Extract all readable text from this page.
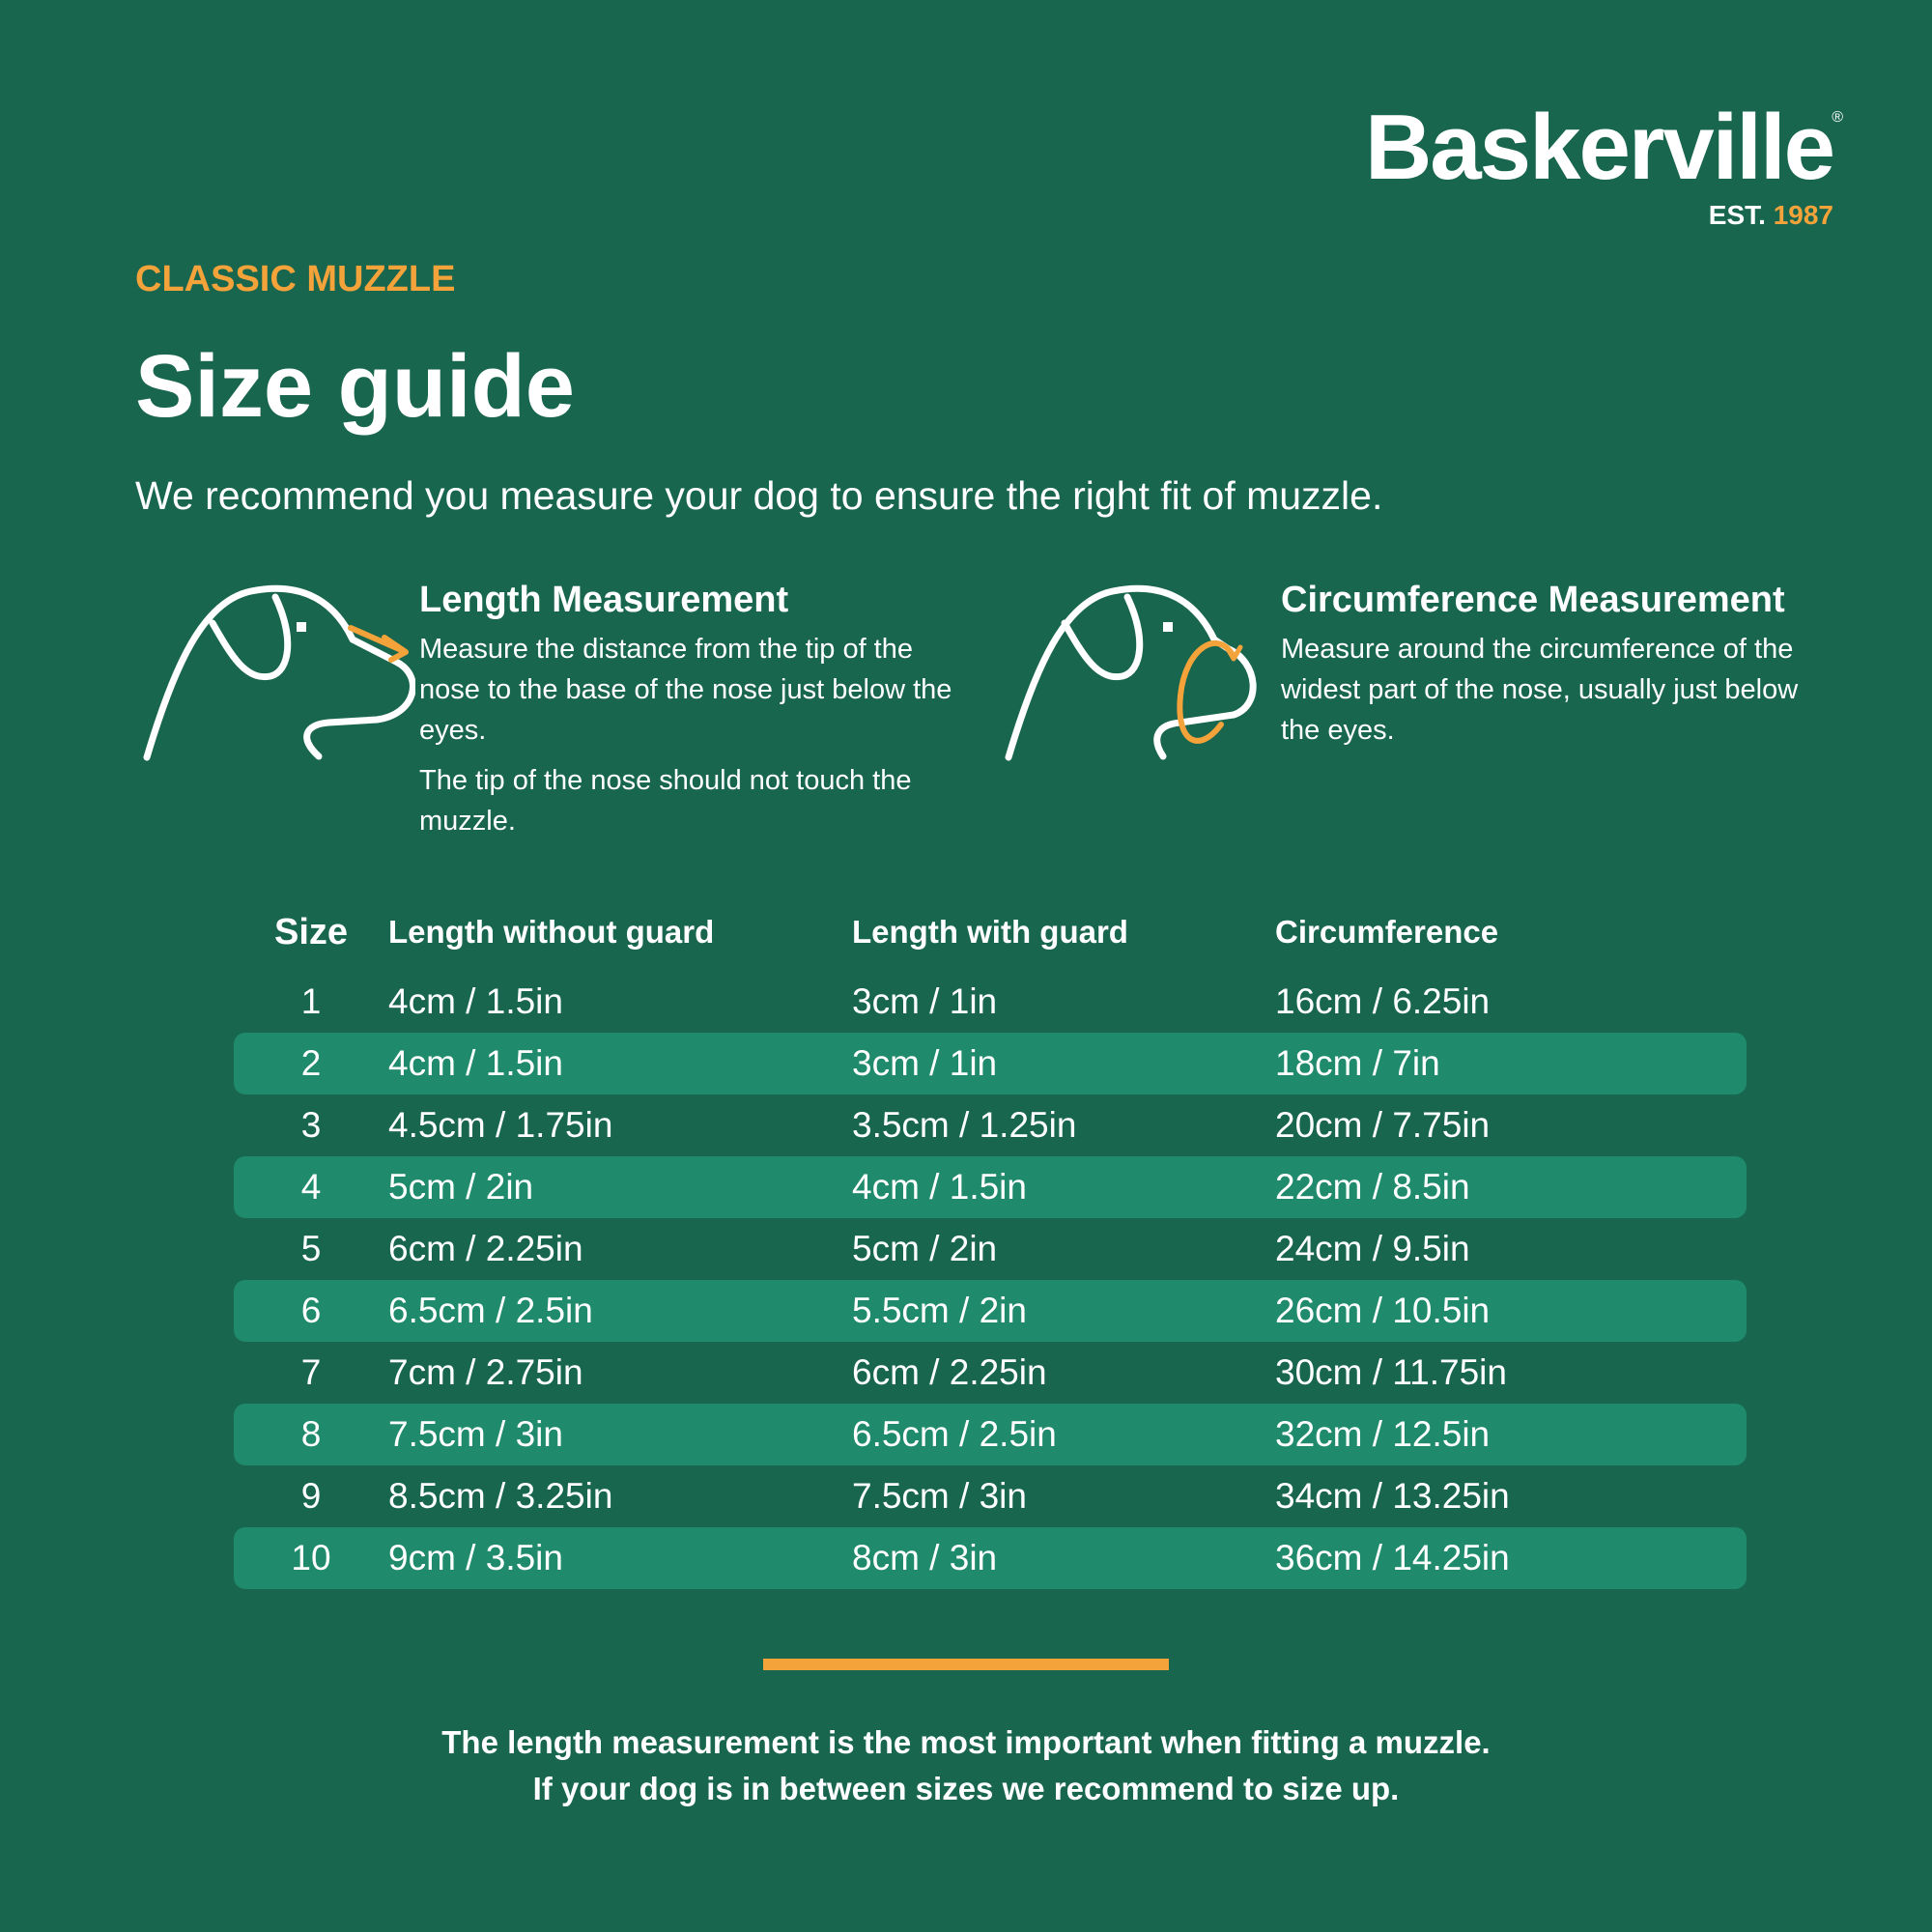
Baskerville
®
EST. 1987
CLASSIC MUZZLE
Size guide
We recommend you measure your dog to ensure the right fit of muzzle.
Length Measurement
Measure the distance from the tip of the nose to the base of the nose just below the eyes.
The tip of the nose should not touch the muzzle.
Circumference Measurement
Measure around the circumference of the widest part of the nose, usually just below the eyes.
Size	Length without guard	Length with guard	Circumference
1	4cm / 1.5in	3cm / 1in	16cm / 6.25in
2	4cm / 1.5in	3cm / 1in	18cm / 7in
3	4.5cm / 1.75in	3.5cm / 1.25in	20cm / 7.75in
4	5cm / 2in	4cm / 1.5in	22cm / 8.5in
5	6cm / 2.25in	5cm / 2in	24cm / 9.5in
6	6.5cm / 2.5in	5.5cm / 2in	26cm / 10.5in
7	7cm / 2.75in	6cm / 2.25in	30cm / 11.75in
8	7.5cm / 3in	6.5cm / 2.5in	32cm / 12.5in
9	8.5cm / 3.25in	7.5cm / 3in	34cm / 13.25in
10	9cm / 3.5in	8cm / 3in	36cm / 14.25in
The length measurement is the most important when fitting a muzzle.
If your dog is in between sizes we recommend to size up.
